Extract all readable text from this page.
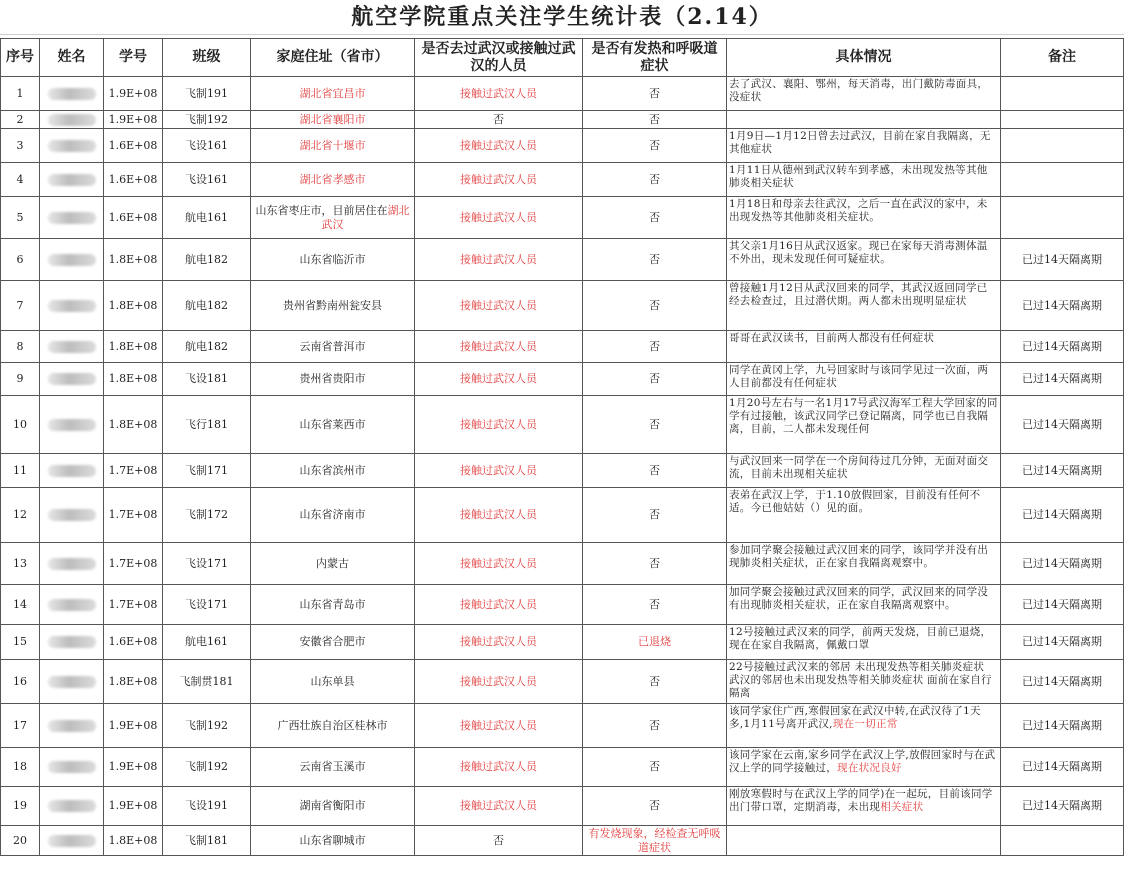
航空学院重点关注学生统计表（2.14）
序号	姓名	学号	班级	家庭住址（省市）	是否去过武汉或接触过武汉的人员	是否有发热和呼吸道症状	具体情况	备注
1		1.9E+08	飞制191	湖北省宜昌市	接触过武汉人员	否	去了武汉、襄阳、鄂州，每天消毒，出门戴防毒面具，没症状	
2		1.9E+08	飞制192	湖北省襄阳市	否	否		
3		1.6E+08	飞设161	湖北省十堰市	接触过武汉人员	否	1月9日—1月12日曾去过武汉，目前在家自我隔离，无其他症状	
4		1.6E+08	飞设161	湖北省孝感市	接触过武汉人员	否	1月11日从德州到武汉转车到孝感，未出现发热等其他肺炎相关症状	
5		1.6E+08	航电161	山东省枣庄市，目前居住在湖北武汉	接触过武汉人员	否	1月18日和母亲去往武汉，之后一直在武汉的家中，未出现发热等其他肺炎相关症状。	
6		1.8E+08	航电182	山东省临沂市	接触过武汉人员	否	其父亲1月16日从武汉返家。现已在家每天消毒测体温不外出，现未发现任何可疑症状。	已过14天隔离期
7		1.8E+08	航电182	贵州省黔南州瓮安县	接触过武汉人员	否	曾接触1月12日从武汉回来的同学，其武汉返回同学已经去检查过，且过潜伏期。两人都未出现明显症状	已过14天隔离期
8		1.8E+08	航电182	云南省普洱市	接触过武汉人员	否	哥哥在武汉读书，目前两人都没有任何症状	已过14天隔离期
9		1.8E+08	飞设181	贵州省贵阳市	接触过武汉人员	否	同学在黄冈上学，九号回家时与该同学见过一次面，两人目前都没有任何症状	已过14天隔离期
10		1.8E+08	飞行181	山东省莱西市	接触过武汉人员	否	1月20号左右与一名1月17号武汉海军工程大学回家的同学有过接触，该武汉同学已登记隔离，同学也已自我隔离，目前，二人都未发现任何	已过14天隔离期
11		1.7E+08	飞制171	山东省滨州市	接触过武汉人员	否	与武汉回来一同学在一个房间待过几分钟，无面对面交流，目前未出现相关症状	已过14天隔离期
12		1.7E+08	飞制172	山东省济南市	接触过武汉人员	否	表弟在武汉上学，于1.10放假回家，目前没有任何不适。今已他姑姑（）见的面。	已过14天隔离期
13		1.7E+08	飞设171	内蒙古	接触过武汉人员	否	参加同学聚会接触过武汉回来的同学，该同学并没有出现肺炎相关症状，正在家自我隔离观察中。	已过14天隔离期
14		1.7E+08	飞设171	山东省青岛市	接触过武汉人员	否	加同学聚会接触过武汉回来的同学，武汉回来的同学没有出现肺炎相关症状，正在家自我隔离观察中。	已过14天隔离期
15		1.6E+08	航电161	安徽省合肥市	接触过武汉人员	已退烧	12号接触过武汉来的同学，前两天发烧，目前已退烧，现在在家自我隔离，佩戴口罩	已过14天隔离期
16		1.8E+08	飞制贯181	山东单县	接触过武汉人员	否	22号接触过武汉来的邻居 未出现发热等相关肺炎症状 武汉的邻居也未出现发热等相关肺炎症状 面前在家自行隔离	已过14天隔离期
17		1.9E+08	飞制192	广西壮族自治区桂林市	接触过武汉人员	否	该同学家住广西,寒假回家在武汉中转,在武汉待了1天多,1月11号离开武汉,现在一切正常	已过14天隔离期
18		1.9E+08	飞制192	云南省玉溪市	接触过武汉人员	否	该同学家在云南,家乡同学在武汉上学,放假回家时与在武汉上学的同学接触过，现在状况良好	已过14天隔离期
19		1.9E+08	飞设191	湖南省衡阳市	接触过武汉人员	否	刚放寒假时与在武汉上学的同学)在一起玩，目前该同学出门带口罩，定期消毒，未出现相关症状	已过14天隔离期
20		1.8E+08	飞制181	山东省聊城市	否	有发烧现象，经检查无呼吸道症状		
